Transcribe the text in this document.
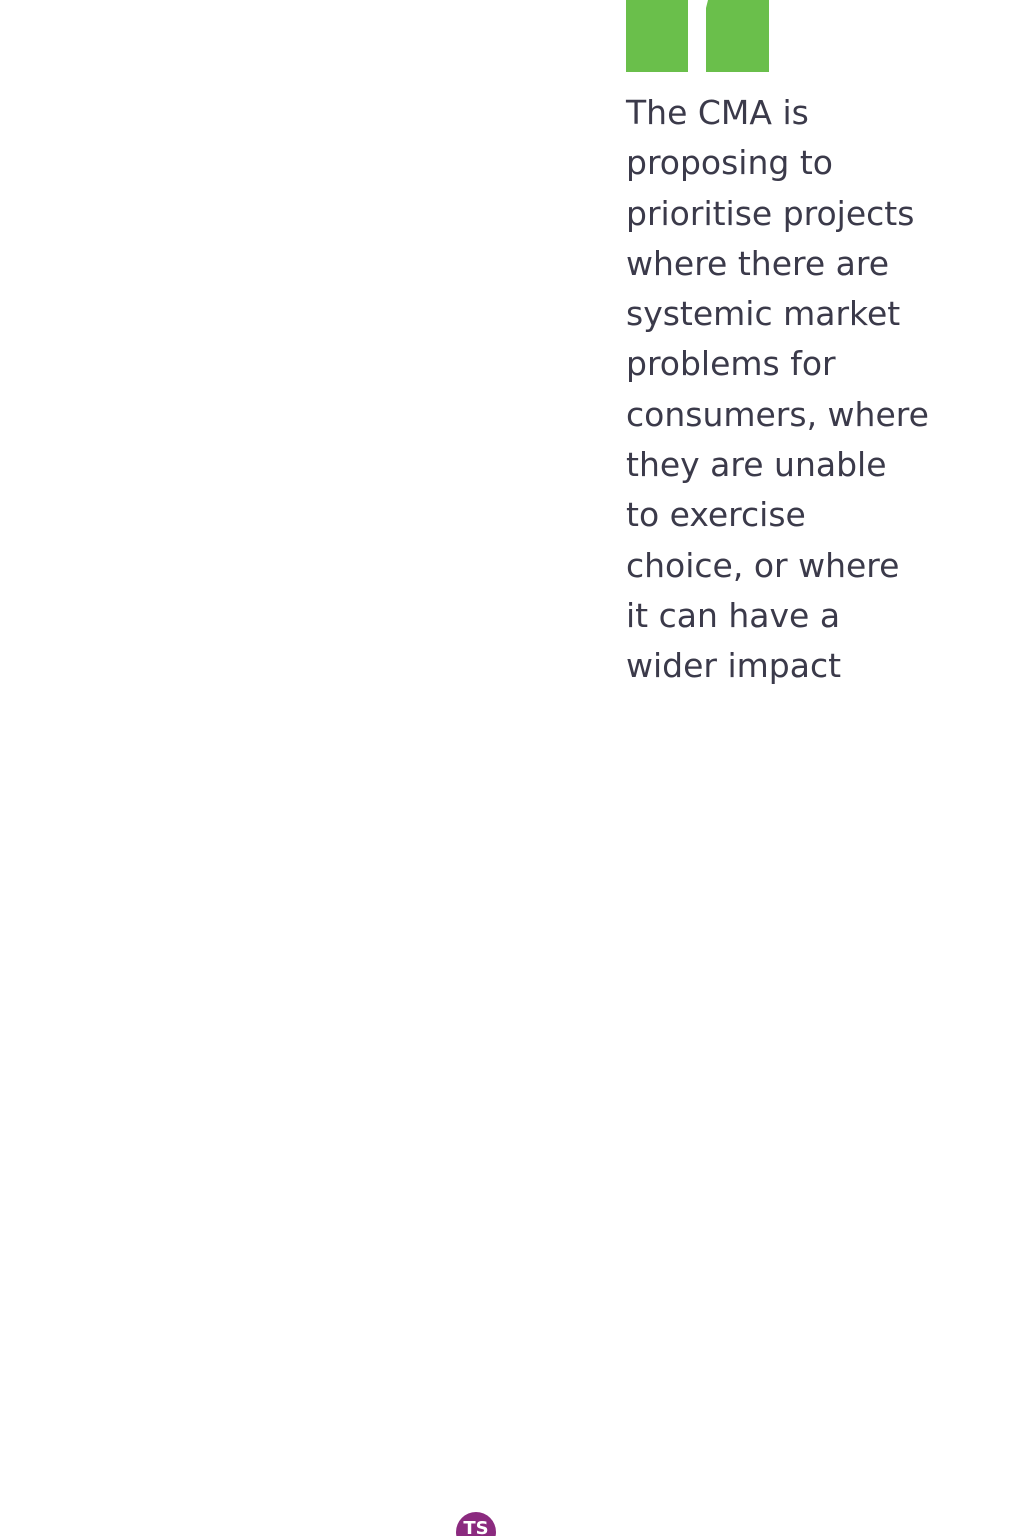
The CMA is
proposing to
prioritise projects
where there are
systemic market
problems for
consumers, where
they are unable
to exercise
choice, or where
it can have a
wider impact
TS
